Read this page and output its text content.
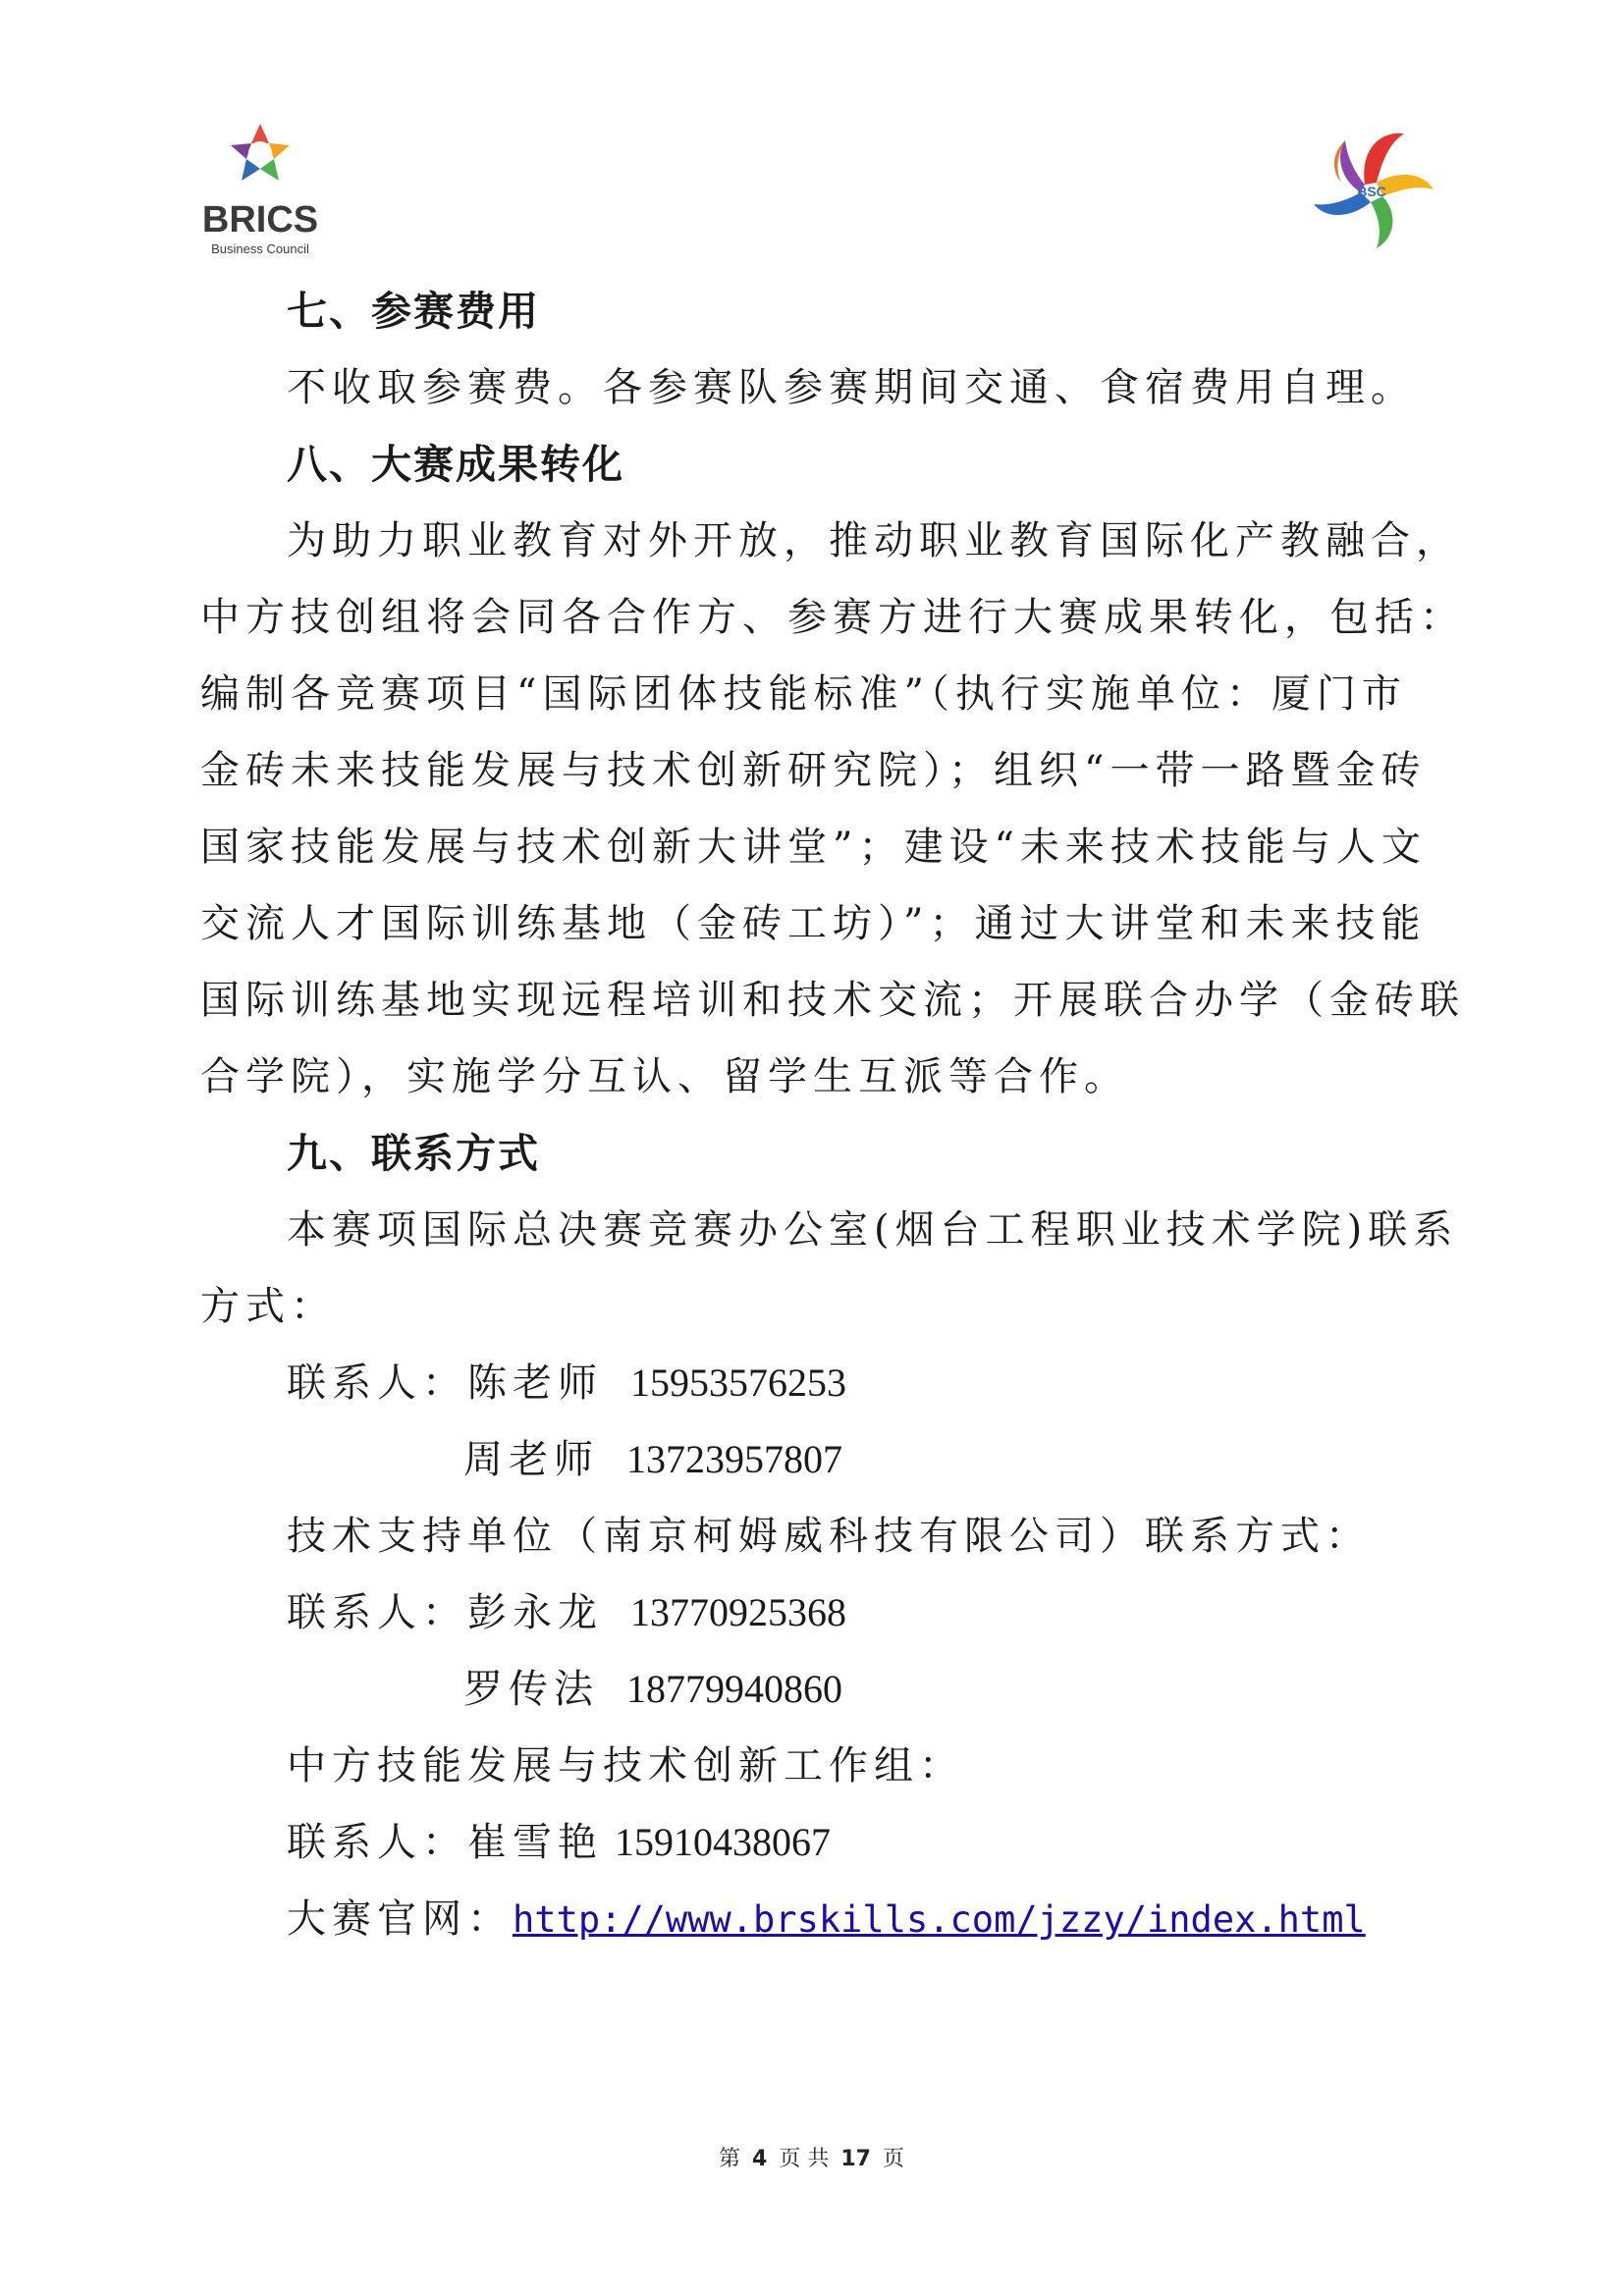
BRICS
Business Council
BSC
七、参赛费用
不收取参赛费。各参赛队参赛期间交通、食宿费用自理。
八、大赛成果转化
为助力职业教育对外开放，推动职业教育国际化产教融合，
中方技创组将会同各合作方、参赛方进行大赛成果转化，包括：
编制各竞赛项目“国际团体技能标准”（执行实施单位：厦门市
金砖未来技能发展与技术创新研究院）；组织“一带一路暨金砖
国家技能发展与技术创新大讲堂”；建设“未来技术技能与人文
交流人才国际训练基地（金砖工坊）”；通过大讲堂和未来技能
国际训练基地实现远程培训和技术交流；开展联合办学（金砖联
合学院），实施学分互认、留学生互派等合作。
九、联系方式
本赛项国际总决赛竞赛办公室(烟台工程职业技术学院)联系
方式：
联系人：陈老师 15953576253
周老师 13723957807
技术支持单位（南京柯姆威科技有限公司）联系方式：
联系人：彭永龙 13770925368
罗传法 18779940860
中方技能发展与技术创新工作组：
联系人：崔雪艳 15910438067
大赛官网：http://www.brskills.com/jzzy/index.html
第 4 页 共 17 页
